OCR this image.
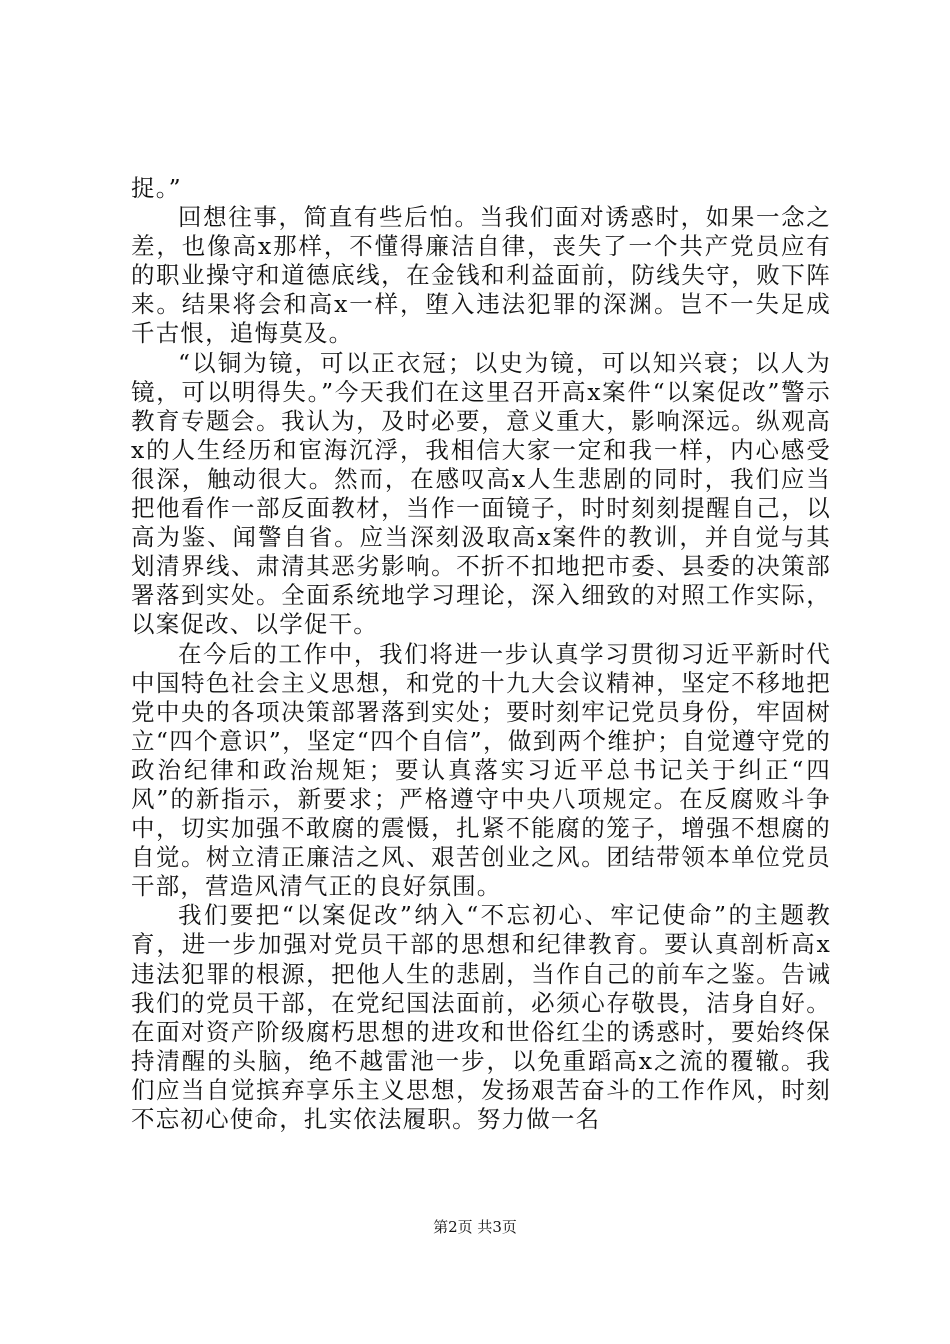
捉。”

回想往事，简直有些后怕。当我们面对诱惑时，如果一念之差，也像高x那样，不懂得廉洁自律，丧失了一个共产党员应有的职业操守和道德底线，在金钱和利益面前，防线失守，败下阵来。结果将会和高x一样，堕入违法犯罪的深渊。岂不一失足成千古恨，追悔莫及。

“以铜为镜，可以正衣冠；以史为镜，可以知兴衰；以人为镜，可以明得失。”今天我们在这里召开高x案件“以案促改”警示教育专题会。我认为，及时必要，意义重大，影响深远。纵观高x的人生经历和宦海沉浮，我相信大家一定和我一样，内心感受很深，触动很大。然而，在感叹高x人生悲剧的同时，我们应当把他看作一部反面教材，当作一面镜子，时时刻刻提醒自己，以高为鉴、闻警自省。应当深刻汲取高x案件的教训，并自觉与其划清界线、肃清其恶劣影响。不折不扣地把市委、县委的决策部署落到实处。全面系统地学习理论，深入细致的对照工作实际，以案促改、以学促干。

在今后的工作中，我们将进一步认真学习贯彻习近平新时代中国特色社会主义思想，和党的十九大会议精神，坚定不移地把党中央的各项决策部署落到实处；要时刻牢记党员身份，牢固树立“四个意识”，坚定“四个自信”，做到两个维护；自觉遵守党的政治纪律和政治规矩；要认真落实习近平总书记关于纠正“四风”的新指示，新要求；严格遵守中央八项规定。在反腐败斗争中，切实加强不敢腐的震慑，扎紧不能腐的笼子，增强不想腐的自觉。树立清正廉洁之风、艰苦创业之风。团结带领本单位党员干部，营造风清气正的良好氛围。

我们要把“以案促改”纳入“不忘初心、牢记使命”的主题教育，进一步加强对党员干部的思想和纪律教育。要认真剖析高x违法犯罪的根源，把他人生的悲剧，当作自己的前车之鉴。告诫我们的党员干部，在党纪国法面前，必须心存敬畏，洁身自好。在面对资产阶级腐朽思想的进攻和世俗红尘的诱惑时，要始终保持清醒的头脑，绝不越雷池一步，以免重蹈高x之流的覆辙。我们应当自觉摈弃享乐主义思想，发扬艰苦奋斗的工作作风，时刻不忘初心使命，扎实依法履职。努力做一名

第2页 共3页
